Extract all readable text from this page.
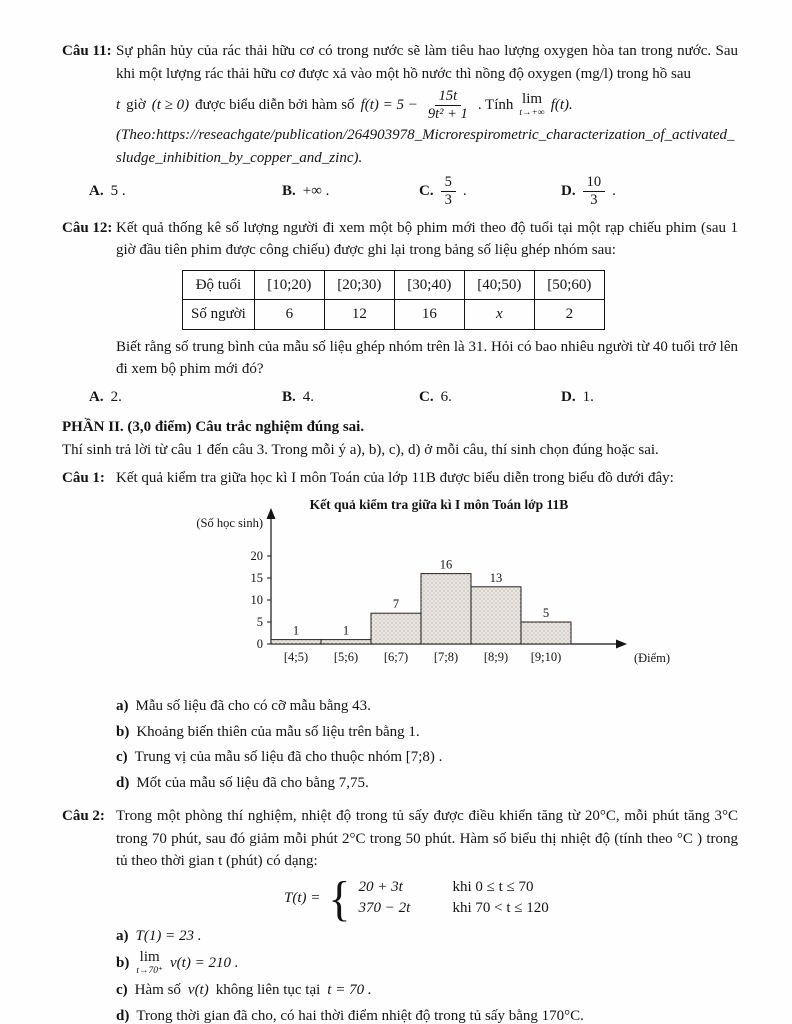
Câu 11: Sự phân hủy của rác thải hữu cơ có trong nước sẽ làm tiêu hao lượng oxygen hòa tan trong nước. Sau khi một lượng rác thải hữu cơ được xả vào một hồ nước thì nồng độ oxygen (mg/l) trong hồ sau
t giờ (t ≥ 0) được biểu diễn bởi hàm số $f(t) = 5 - \frac{15t}{\text{9t² + 1}}$ . Tính lim
t→+∞ f(t).
(Theo:https://reseachgate/publication/264903978_Microrespirometric_characterization_of_activated_sludge_inhibition_by_copper_and_zinc).
A. 5 .	B. +∞ .	C. $\frac{5}{3}$ .	D. $\frac{10}{3}$ .
Câu 12: Kết quả thống kê số lượng người đi xem một bộ phim mới theo độ tuổi tại một rạp chiếu phim (sau 1 giờ đầu tiên phim được công chiếu) được ghi lại trong bảng số liệu ghép nhóm sau:
Độ tuổi	[10;20)	[20;30)	[30;40)	[40;50)	[50;60)
Số người	6	12	16	x	2
Biết rằng số trung bình của mẫu số liệu ghép nhóm trên là 31. Hỏi có bao nhiêu người từ 40 tuổi trở lên đi xem bộ phim mới đó?
A. 2.	B. 4.	C. 6.	D. 1.
PHẦN II. (3,0 điểm) Câu trắc nghiệm đúng sai.
Thí sinh trả lời từ câu 1 đến câu 3. Trong mỗi ý a), b), c), d) ở mỗi câu, thí sinh chọn đúng hoặc sai.
Câu 1: Kết quả kiểm tra giữa học kì I môn Toán của lớp 11B được biểu diễn trong biểu đồ dưới đây:
Kết quả kiểm tra giữa kì I môn Toán lớp 11B
(Số học sinh)
(Điểm)
1	1
7
16
13
5
0
5
10
15
20
[4;5) [5;6) [6;7) [7;8) [8;9) [9;10)
a) Mẫu số liệu đã cho có cỡ mẫu bằng 43.
b) Khoảng biến thiên của mẫu số liệu trên bằng 1.
c) Trung vị của mẫu số liệu đã cho thuộc nhóm [7;8) .
d) Mốt của mẫu số liệu đã cho bằng 7,75.
Câu 2: Trong một phòng thí nghiệm, nhiệt độ trong tủ sấy được điều khiển tăng từ 20°C, mỗi phút tăng 3°C trong 70 phút, sau đó giảm mỗi phút 2°C trong 50 phút. Hàm số biểu thị nhiệt độ (tính theo °C ) trong tủ theo thời gian t (phút) có dạng:
T(t) = { 20 + 3t	khi 0 ≤ t ≤ 70
370 − 2t	khi 70 < t ≤ 120
a) T(1) = 23 .
b) lim
t→70⁺ v(t) = 210 .
c) Hàm số v(t) không liên tục tại t = 70 .
d) Trong thời gian đã cho, có hai thời điểm nhiệt độ trong tủ sấy bằng 170°C.
